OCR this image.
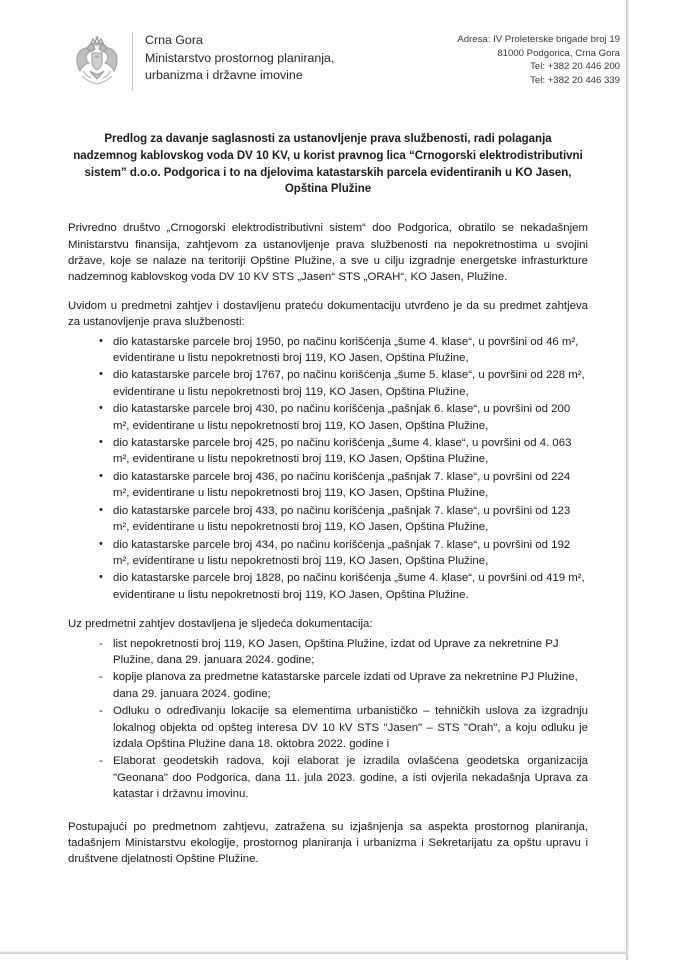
Crna Gora
Ministarstvo prostornog planiranja,
urbanizma i državne imovine
Adresa: IV Proleterske brigade broj 19
81000 Podgorica, Crna Gora
Tel: +382 20 446 200
Tel: +382 20 446 339

Predlog za davanje saglasnosti za ustanovljenje prava službenosti, radi polaganja nadzemnog kablovskog voda DV 10 KV, u korist pravnog lica “Crnogorski elektrodistributivni sistem” d.o.o. Podgorica i to na djelovima katastarskih parcela evidentiranih u KO Jasen, Opština Plužine

Privredno društvo „Crnogorski elektrodistributivni sistem“ doo Podgorica, obratilo se nekadašnjem Ministarstvu finansija, zahtjevom za ustanovljenje prava službenosti na nepokretnostima u svojini države, koje se nalaze na teritoriji Opštine Plužine, a sve u cilju izgradnje energetske infrasturkture nadzemnog kablovskog voda DV 10 KV STS „Jasen“ STS „ORAH“, KO Jasen, Plužine.

Uvidom u predmetni zahtjev i dostavljenu prateću dokumentaciju utvrđeno je da su predmet zahtjeva za ustanovljenje prava službenosti:

• dio katastarske parcele broj 1950, po načinu korišćenja „šume 4. klase“, u površini od 46 m², evidentirane u listu nepokretnosti broj 119, KO Jasen, Opština Plužine,
• dio katastarske parcele broj 1767, po načinu korišćenja „šume 5. klase“, u površini od 228 m², evidentirane u listu nepokretnosti broj 119, KO Jasen, Opština Plužine,
• dio katastarske parcele broj 430, po načinu korišćenja „pašnjak 6. klase“, u površini od 200 m², evidentirane u listu nepokretnosti broj 119, KO Jasen, Opština Plužine,
• dio katastarske parcele broj 425, po načinu korišćenja „šume 4. klase“, u površini od 4. 063 m², evidentirane u listu nepokretnosti broj 119, KO Jasen, Opština Plužine,
• dio katastarske parcele broj 436, po načinu korišćenja „pašnjak 7. klase“, u površini od 224 m², evidentirane u listu nepokretnosti broj 119, KO Jasen, Opština Plužine,
• dio katastarske parcele broj 433, po načinu korišćenja „pašnjak 7. klase“, u površini od 123 m², evidentirane u listu nepokretnosti broj 119, KO Jasen, Opština Plužine,
• dio katastarske parcele broj 434, po načinu korišćenja „pašnjak 7. klase“, u površini od 192 m², evidentirane u listu nepokretnosti broj 119, KO Jasen, Opština Plužine,
• dio katastarske parcele broj 1828, po načinu korišćenja „šume 4. klase“, u površini od 419 m², evidentirane u listu nepokretnosti broj 119, KO Jasen, Opština Plužine.

Uz predmetni zahtjev dostavljena je sljedeća dokumentacija:

- list nepokretnosti broj 119, KO Jasen, Opština Plužine, izdat od Uprave za nekretnine PJ Plužine, dana 29. januara 2024. godine;
- kopije planova za predmetne katastarske parcele izdati od Uprave za nekretnine PJ Plužine, dana 29. januara 2024. godine;
- Odluku o određivanju lokacije sa elementima urbanističko – tehničkih uslova za izgradnju lokalnog objekta od opšteg interesa DV 10 kV STS "Jasen" – STS "Orah", a koju odluku je izdala Opština Plužine dana 18. oktobra 2022. godine i
- Elaborat geodetskih radova, koji elaborat je izradila ovlašćena geodetska organizacija "Geonana" doo Podgorica, dana 11. jula 2023. godine, a isti ovjerila nekadašnja Uprava za katastar i državnu imovinu.

Postupajući po predmetnom zahtjevu, zatražena su izjašnjenja sa aspekta prostornog planiranja, tadašnjem Ministarstvu ekologije, prostornog planiranja i urbanizma i Sekretarijatu za opštu upravu i društvene djelatnosti Opštine Plužine.
